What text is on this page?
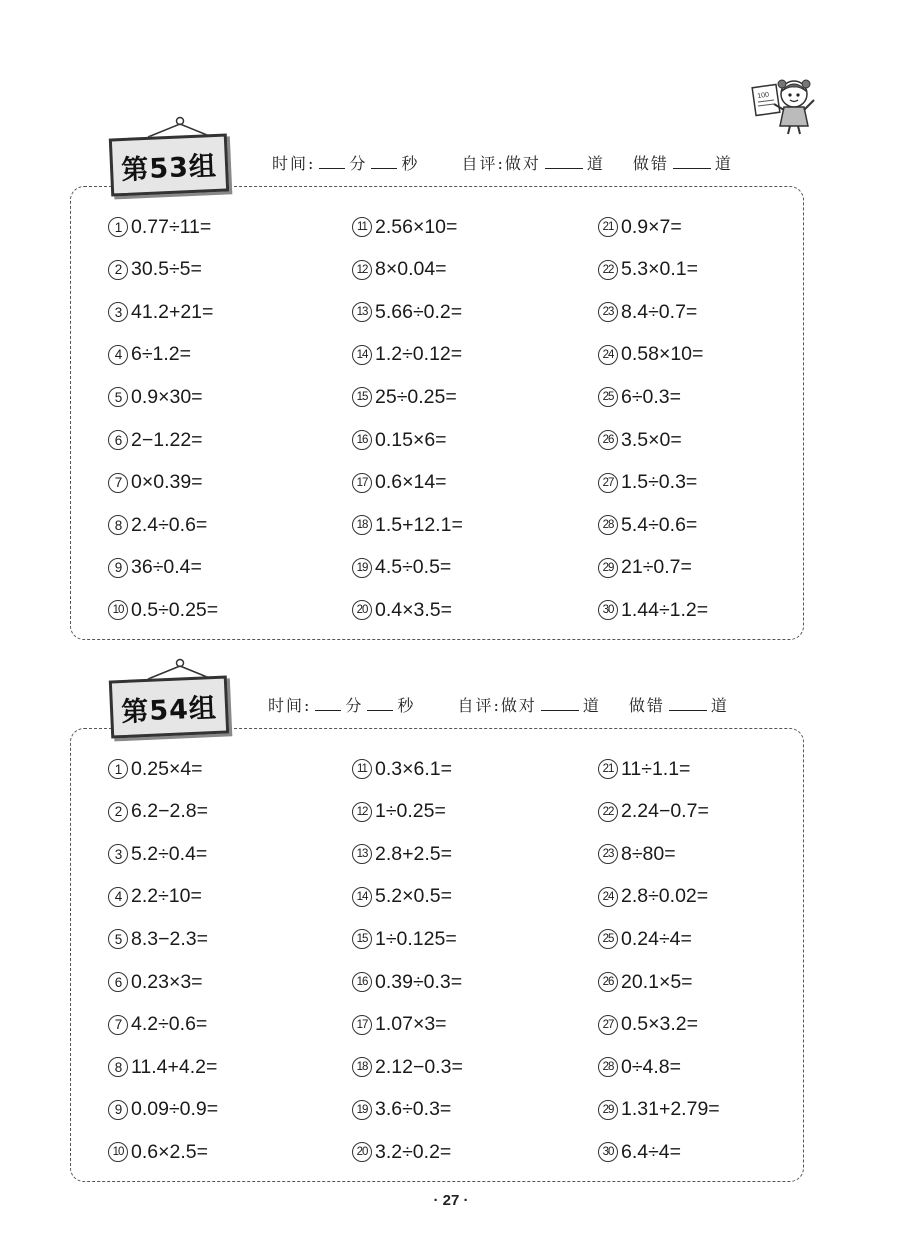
100
第53组	时间: 分 秒	自评:做对	道 做错	道
1 0.77÷11=
2 30.5÷5=
3 41.2+21=
4 6÷1.2=
5 0.9×30=
6 2−1.22=
7 0×0.39=
8 2.4÷0.6=
9 36÷0.4=
10 0.5÷0.25=
11 2.56×10=
12 8×0.04=
13 5.66÷0.2=
14 1.2÷0.12=
15 25÷0.25=
16 0.15×6=
17 0.6×14=
18 1.5+12.1=
19 4.5÷0.5=
20 0.4×3.5=
21 0.9×7=
22 5.3×0.1=
23 8.4÷0.7=
24 0.58×10=
25 6÷0.3=
26 3.5×0=
27 1.5÷0.3=
28 5.4÷0.6=
29 21÷0.7=
30 1.44÷1.2=
第54组	时间: 分 秒	自评:做对	道 做错	道
1 0.25×4=
2 6.2−2.8=
3 5.2÷0.4=
4 2.2÷10=
5 8.3−2.3=
6 0.23×3=
7 4.2÷0.6=
8 11.4+4.2=
9 0.09÷0.9=
10 0.6×2.5=
11 0.3×6.1=
12 1÷0.25=
13 2.8+2.5=
14 5.2×0.5=
15 1÷0.125=
16 0.39÷0.3=
17 1.07×3=
18 2.12−0.3=
19 3.6÷0.3=
20 3.2÷0.2=
21 11÷1.1=
22 2.24−0.7=
23 8÷80=
24 2.8÷0.02=
25 0.24÷4=
26 20.1×5=
27 0.5×3.2=
28 0÷4.8=
29 1.31+2.79=
30 6.4÷4=
· 27 ·
